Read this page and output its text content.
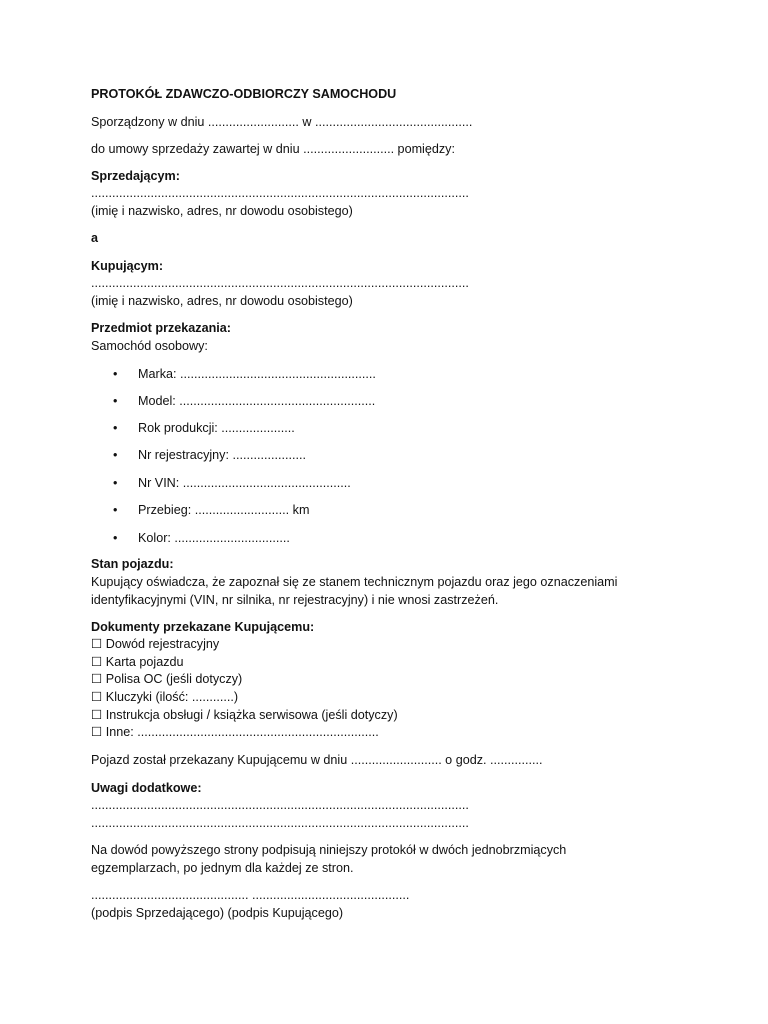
PROTOKÓŁ ZDAWCZO-ODBIORCZY SAMOCHODU
Sporządzony w dniu .......................... w .............................................
do umowy sprzedaży zawartej w dniu .......................... pomiędzy:
Sprzedającym:
............................................................................................................
(imię i nazwisko, adres, nr dowodu osobistego)
a
Kupującym:
............................................................................................................
(imię i nazwisko, adres, nr dowodu osobistego)
Przedmiot przekazania:
Samochód osobowy:
• Marka: ........................................................
• Model: ........................................................
• Rok produkcji: .....................
• Nr rejestracyjny: .....................
• Nr VIN: ................................................
• Przebieg: ........................... km
• Kolor: .................................
Stan pojazdu:
Kupujący oświadcza, że zapoznał się ze stanem technicznym pojazdu oraz jego oznaczeniami
identyfikacyjnymi (VIN, nr silnika, nr rejestracyjny) i nie wnosi zastrzeżeń.
Dokumenty przekazane Kupującemu:
☐ Dowód rejestracyjny
☐ Karta pojazdu
☐ Polisa OC (jeśli dotyczy)
☐ Kluczyki (ilość: ............)
☐ Instrukcja obsługi / książka serwisowa (jeśli dotyczy)
☐ Inne: .....................................................................
Pojazd został przekazany Kupującemu w dniu .......................... o godz. ...............
Uwagi dodatkowe:
............................................................................................................
............................................................................................................
Na dowód powyższego strony podpisują niniejszy protokół w dwóch jednobrzmiących
egzemplarzach, po jednym dla każdej ze stron.
............................................. .............................................
(podpis Sprzedającego) (podpis Kupującego)
